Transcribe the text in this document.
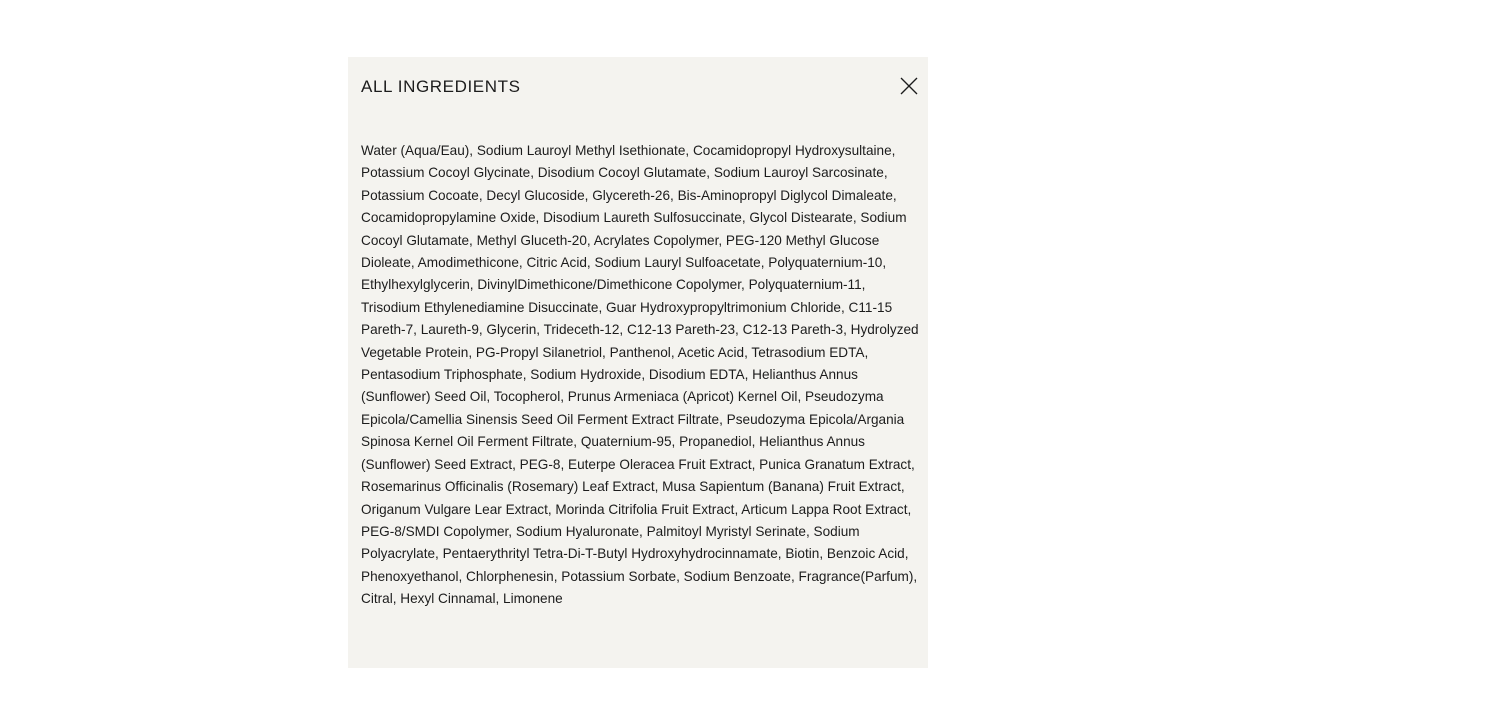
ALL INGREDIENTS

Water (Aqua/Eau), Sodium Lauroyl Methyl Isethionate, Cocamidopropyl Hydroxysultaine, Potassium Cocoyl Glycinate, Disodium Cocoyl Glutamate, Sodium Lauroyl Sarcosinate, Potassium Cocoate, Decyl Glucoside, Glycereth-26, Bis-Aminopropyl Diglycol Dimaleate, Cocamidopropylamine Oxide, Disodium Laureth Sulfosuccinate, Glycol Distearate, Sodium Cocoyl Glutamate, Methyl Gluceth-20, Acrylates Copolymer, PEG-120 Methyl Glucose Dioleate, Amodimethicone, Citric Acid, Sodium Lauryl Sulfoacetate, Polyquaternium-10, Ethylhexylglycerin, DivinylDimethicone/Dimethicone Copolymer, Polyquaternium-11, Trisodium Ethylenediamine Disuccinate, Guar Hydroxypropyltrimonium Chloride, C11-15 Pareth-7, Laureth-9, Glycerin, Trideceth-12, C12-13 Pareth-23, C12-13 Pareth-3, Hydrolyzed Vegetable Protein, PG-Propyl Silanetriol, Panthenol, Acetic Acid, Tetrasodium EDTA, Pentasodium Triphosphate, Sodium Hydroxide, Disodium EDTA, Helianthus Annus (Sunflower) Seed Oil, Tocopherol, Prunus Armeniaca (Apricot) Kernel Oil, Pseudozyma Epicola/Camellia Sinensis Seed Oil Ferment Extract Filtrate, Pseudozyma Epicola/Argania Spinosa Kernel Oil Ferment Filtrate, Quaternium-95, Propanediol, Helianthus Annus (Sunflower) Seed Extract, PEG-8, Euterpe Oleracea Fruit Extract, Punica Granatum Extract, Rosemarinus Officinalis (Rosemary) Leaf Extract, Musa Sapientum (Banana) Fruit Extract, Origanum Vulgare Lear Extract, Morinda Citrifolia Fruit Extract, Articum Lappa Root Extract, PEG-8/SMDI Copolymer, Sodium Hyaluronate, Palmitoyl Myristyl Serinate, Sodium Polyacrylate, Pentaerythrityl Tetra-Di-T-Butyl Hydroxyhydrocinnamate, Biotin, Benzoic Acid, Phenoxyethanol, Chlorphenesin, Potassium Sorbate, Sodium Benzoate, Fragrance(Parfum), Citral, Hexyl Cinnamal, Limonene
